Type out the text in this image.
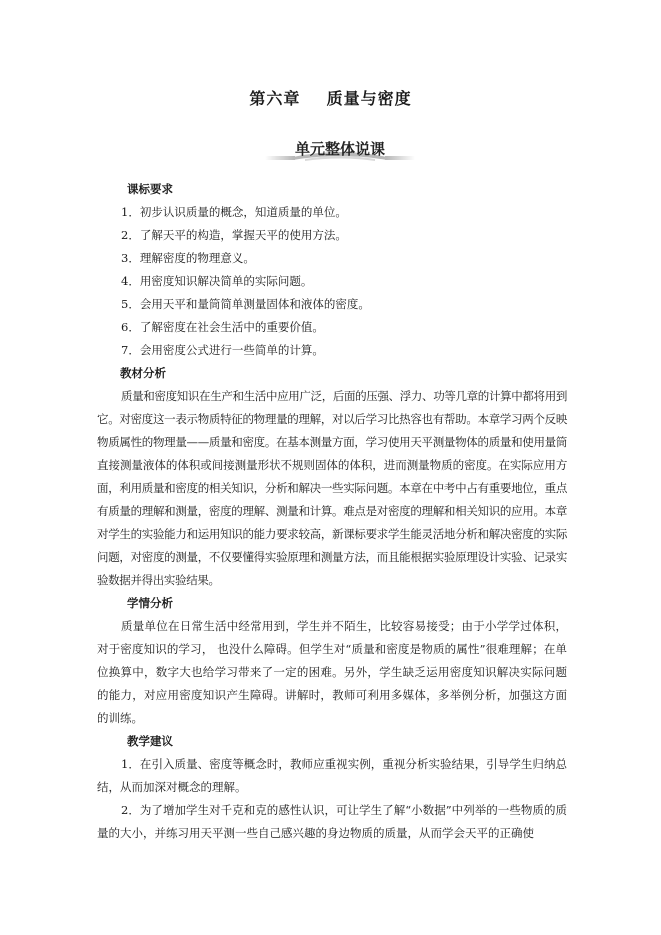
第六章    质量与密度
单元整体说课
课标要求
1．初步认识质量的概念，知道质量的单位。
2．了解天平的构造，掌握天平的使用方法。
3．理解密度的物理意义。
4．用密度知识解决简单的实际问题。
5．会用天平和量筒简单测量固体和液体的密度。
6．了解密度在社会生活中的重要价值。
7．会用密度公式进行一些简单的计算。
教材分析
质量和密度知识在生产和生活中应用广泛，后面的压强、浮力、功等几章的计算中都将用到它。对密度这一表示物质特征的物理量的理解，对以后学习比热容也有帮助。本章学习两个反映物质属性的物理量——质量和密度。在基本测量方面，学习使用天平测量物体的质量和使用量筒直接测量液体的体积或间接测量形状不规则固体的体积，进而测量物质的密度。在实际应用方面，利用质量和密度的相关知识，分析和解决一些实际问题。本章在中考中占有重要地位，重点有质量的理解和测量，密度的理解、测量和计算。难点是对密度的理解和相关知识的应用。本章对学生的实验能力和运用知识的能力要求较高，新课标要求学生能灵活地分析和解决密度的实际问题，对密度的测量，不仅要懂得实验原理和测量方法，而且能根据实验原理设计实验、记录实验数据并得出实验结果。
学情分析
质量单位在日常生活中经常用到，学生并不陌生，比较容易接受；由于小学学过体积，对于密度知识的学习， 也没什么障碍。但学生对“质量和密度是物质的属性”很难理解；在单位换算中，数字大也给学习带来了一定的困难。另外，学生缺乏运用密度知识解决实际问题的能力，对应用密度知识产生障碍。讲解时，教师可利用多媒体，多举例分析，加强这方面的训练。
教学建议
1．在引入质量、密度等概念时，教师应重视实例，重视分析实验结果，引导学生归纳总结，从而加深对概念的理解。
2．为了增加学生对千克和克的感性认识，可让学生了解“小数据”中列举的一些物质的质量的大小，并练习用天平测一些自己感兴趣的身边物质的质量，从而学会天平的正确使
